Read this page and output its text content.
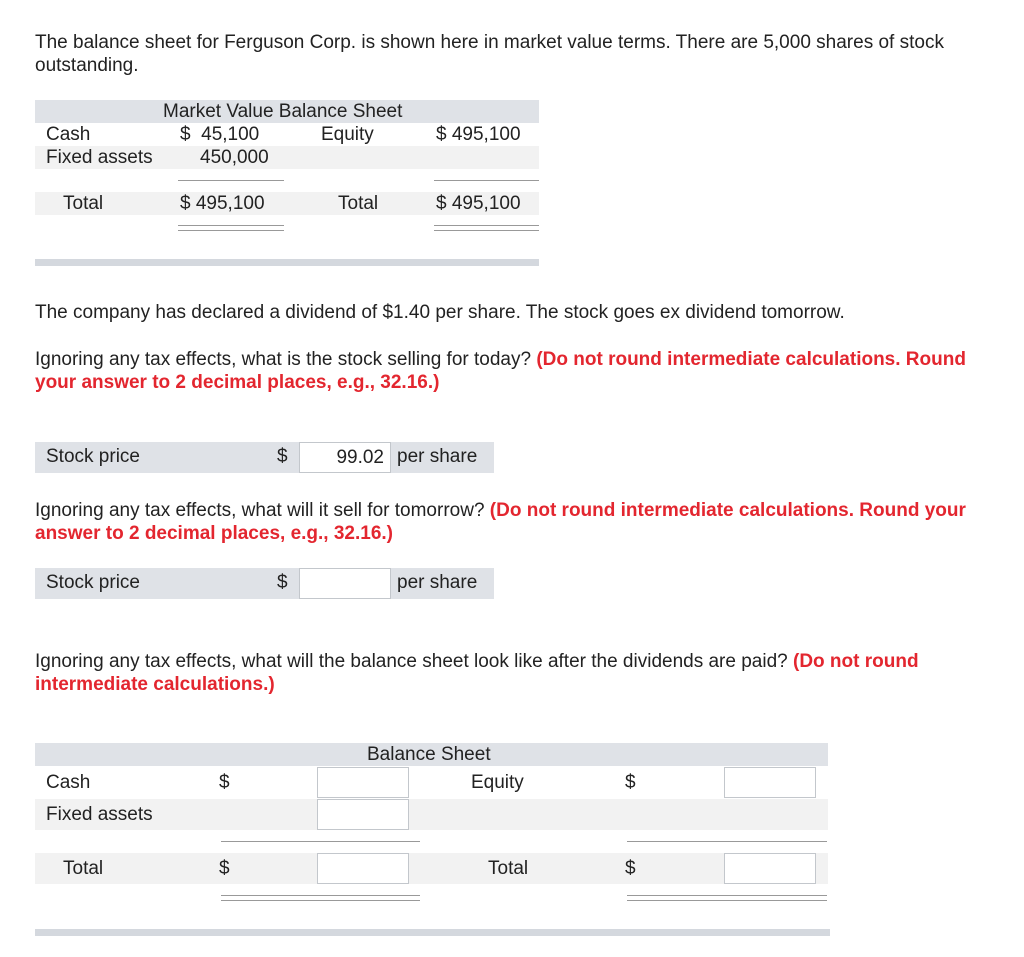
The balance sheet for Ferguson Corp. is shown here in market value terms. There are 5,000 shares of stock outstanding.

Market Value Balance Sheet
Cash	$  45,100	Equity	$ 495,100
Fixed assets 450,000
Total	$ 495,100	Total	$ 495,100

The company has declared a dividend of $1.40 per share. The stock goes ex dividend tomorrow.

Ignoring any tax effects, what is the stock selling for today? (Do not round intermediate calculations. Round your answer to 2 decimal places, e.g., 32.16.)

Stock price	$	99.02 per share

Ignoring any tax effects, what will it sell for tomorrow? (Do not round intermediate calculations. Round your answer to 2 decimal places, e.g., 32.16.)

Stock price	$	per share

Ignoring any tax effects, what will the balance sheet look like after the dividends are paid? (Do not round intermediate calculations.)

Balance Sheet
Cash	$	Equity	$
Fixed assets
Total	$	Total	$
